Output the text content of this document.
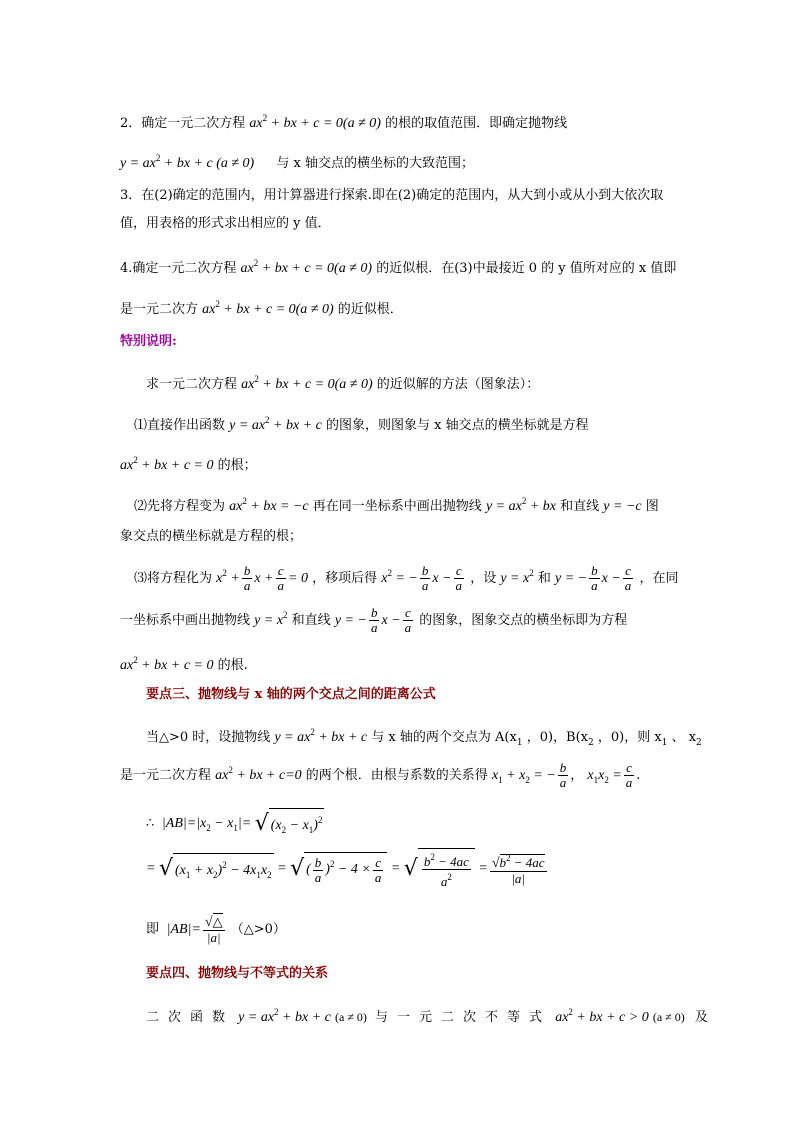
2．确定一元二次方程 $ax^2$ + bx + c = 0(a ≠ 0) 的根的取值范围．即确定抛物线
$y = ax^2$ + bx + c (a ≠ 0) 与 x 轴交点的横坐标的大致范围；
3．在(2)确定的范围内，用计算器进行探索.即在(2)确定的范围内，从大到小或从小到大依次取
值，用表格的形式求出相应的 y 值．
4.确定一元二次方程 $ax^2$ + bx + c = 0(a ≠ 0) 的近似根．在(3)中最接近 0 的 y 值所对应的 x 值即
是一元二次方 $ax^2$ + bx + c = 0(a ≠ 0) 的近似根．
特别说明:
求一元二次方程 $ax^2$ + bx + c = 0(a ≠ 0) 的近似解的方法（图象法）：
⑴直接作出函数 $y = ax^2$ + bx + c 的图象，则图象与 x 轴交点的横坐标就是方程
$ax^2$ + bx + c = 0 的根；
⑵先将方程变为 $ax^2$ + bx = −c 再在同一坐标系中画出抛物线 $y = ax^2$ + bx 和直线 y = −c 图
象交点的横坐标就是方程的根；
⑶将方程化为 $x^2 + \frac{b}{a}$ $x + \frac{c}{a} = 0$ ，移项后得 $x^2$ = − $\frac{b}{a}$ $x - \frac{c}{a}$ ，设 $y = x^2$ 和 y = − $\frac{b}{a}$ $x - \frac{c}{a}$ ，在同
一坐标系中画出抛物线 $y = x^2$ 和直线 y = − $\frac{b}{a}$ $x - \frac{c}{a}$ 的图象，图象交点的横坐标即为方程
$ax^2$ + bx + c = 0 的根.
要点三、抛物线与 x 轴的两个交点之间的距离公式
当△>0 时，设抛物线 $y = ax^2$ + bx + c 与 x 轴的两个交点为 $A(x_1$ ，0)，$B(x_2$ ，0)，则 $x_1$ 、 $x_2$
是一元二次方程 $ax^2$ + bx + c=0 的两个根．由根与系数的关系得 $x_1 + x_2$ = − $\frac{b}{a}$ ， $x_1x_2 = \frac{c}{a}$ .
∴  $|AB|=|x_2 - x_1|=$ √ $(x_2 - x_1)^2$
= √ $(x_1 + x_2)^2 - 4x_1x_2$ = √ ( $\frac{b}{a} )^2 - 4 \times \frac{c}{a}$ = √ $\frac{b^2 - 4ac}{a^2} = \frac{√b^2 - 4ac}{|a|}$
即  $|AB|= \frac{√\triangle}{|a|}$ （△>0）
要点四、抛物线与不等式的关系
二次函数 $y = ax^2$ + bx + c (a ≠ 0) 与一元二次不等式 $ax^2$ + bx + c > 0 (a ≠ 0) 及
